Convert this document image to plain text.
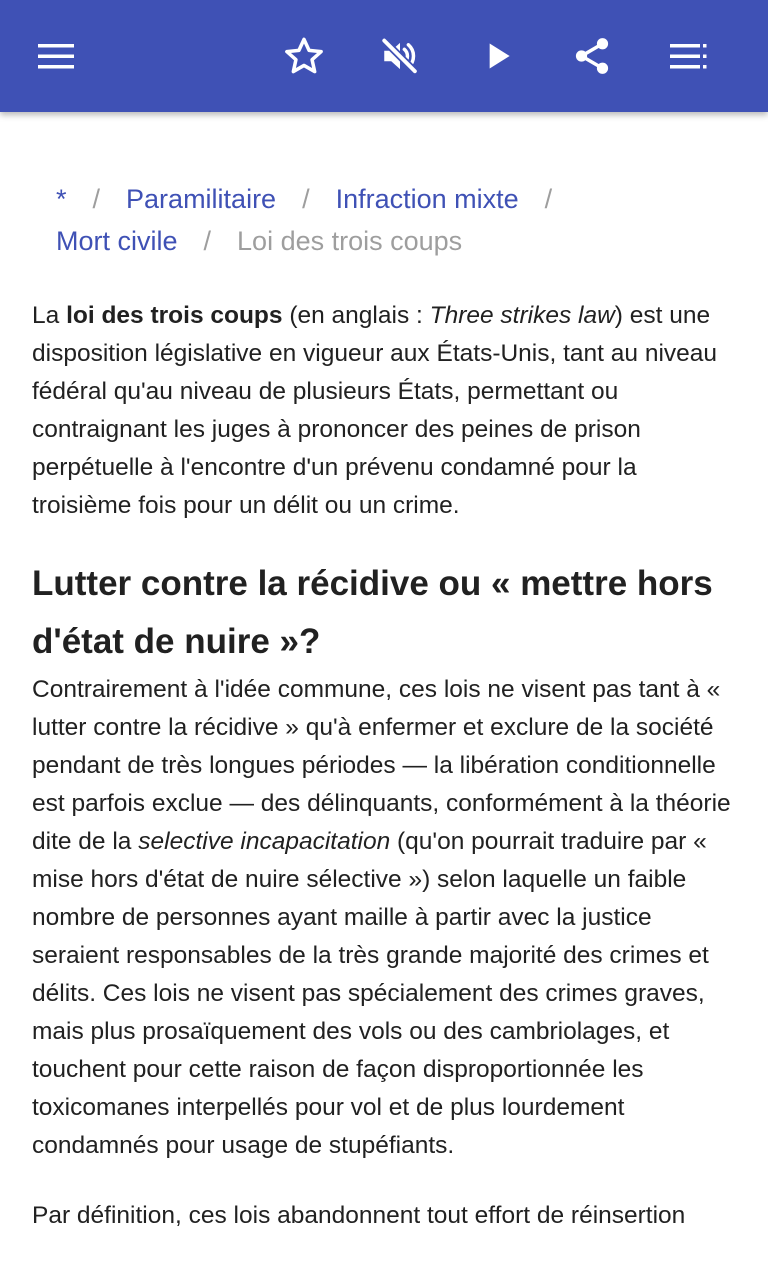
* / Paramilitaire / Infraction mixte /
Mort civile / Loi des trois coups

La loi des trois coups (en anglais : Three strikes law) est une disposition législative en vigueur aux États-Unis, tant au niveau fédéral qu'au niveau de plusieurs États, permettant ou contraignant les juges à prononcer des peines de prison perpétuelle à l'encontre d'un prévenu condamné pour la troisième fois pour un délit ou un crime.

Lutter contre la récidive ou « mettre hors d'état de nuire »?

Contrairement à l'idée commune, ces lois ne visent pas tant à « lutter contre la récidive » qu'à enfermer et exclure de la société pendant de très longues périodes — la libération conditionnelle est parfois exclue — des délinquants, conformément à la théorie dite de la selective incapacitation (qu'on pourrait traduire par « mise hors d'état de nuire sélective ») selon laquelle un faible nombre de personnes ayant maille à partir avec la justice seraient responsables de la très grande majorité des crimes et délits. Ces lois ne visent pas spécialement des crimes graves, mais plus prosaïquement des vols ou des cambriolages, et touchent pour cette raison de façon disproportionnée les toxicomanes interpellés pour vol et de plus lourdement condamnés pour usage de stupéfiants.

Par définition, ces lois abandonnent tout effort de réinsertion
